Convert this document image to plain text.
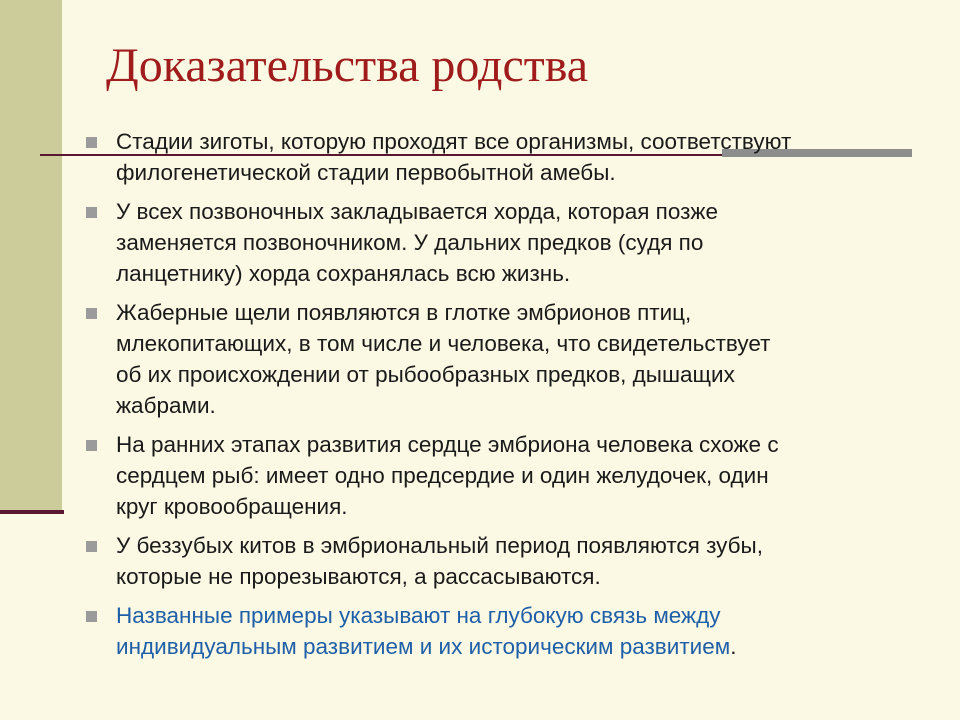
Доказательства родства
Стадии зиготы, которую проходят все организмы, соответствуют
филогенетической стадии первобытной амебы.
У всех позвоночных закладывается хорда, которая позже
заменяется позвоночником. У дальних предков (судя по
ланцетнику) хорда сохранялась всю жизнь.
Жаберные щели появляются в глотке эмбрионов птиц,
млекопитающих, в том числе и человека, что свидетельствует
об их происхождении от рыбообразных предков, дышащих
жабрами.
На ранних этапах развития сердце эмбриона человека схоже с
сердцем рыб: имеет одно предсердие и один желудочек, один
круг кровообращения.
У беззубых китов в эмбриональный период появляются зубы,
которые не прорезываются, а рассасываются.
Названные примеры указывают на глубокую связь между
индивидуальным развитием и их историческим развитием.
